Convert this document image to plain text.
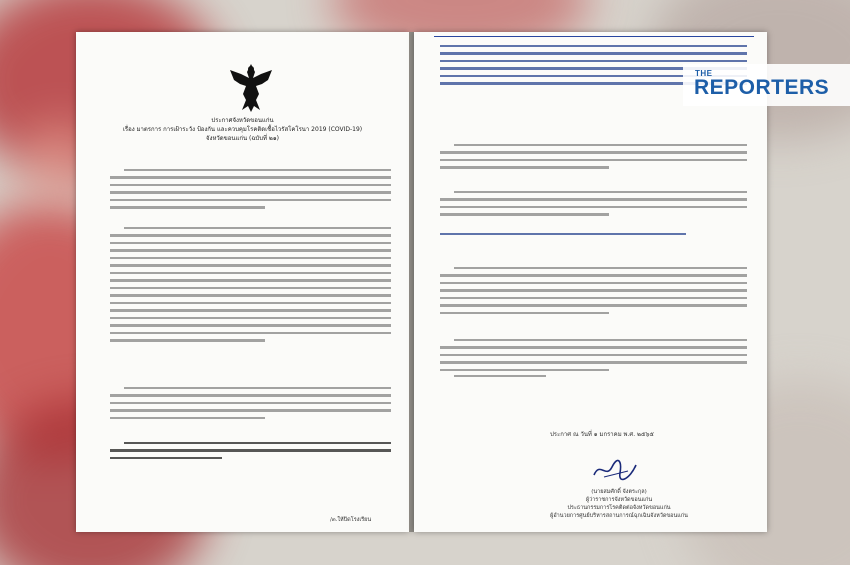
ประกาศจังหวัดขอนแก่น
เรื่อง มาตรการ การเฝ้าระวัง ป้องกัน และควบคุมโรคติดเชื้อไวรัสโคโรนา 2019 (COVID-19)
จังหวัดขอนแก่น (ฉบับที่ ๒๑)
/๓.ให้ปิดโรงเรียน
ประกาศ ณ วันที่ ๑ มกราคม พ.ศ. ๒๕๖๕
(นายสมศักดิ์ จังตระกุล)
ผู้ว่าราชการจังหวัดขอนแก่น
ประธานกรรมการโรคติดต่อจังหวัดขอนแก่น
ผู้อำนวยการศูนย์บริหารสถานการณ์ฉุกเฉินจังหวัดขอนแก่น
THE
REPORTERS
